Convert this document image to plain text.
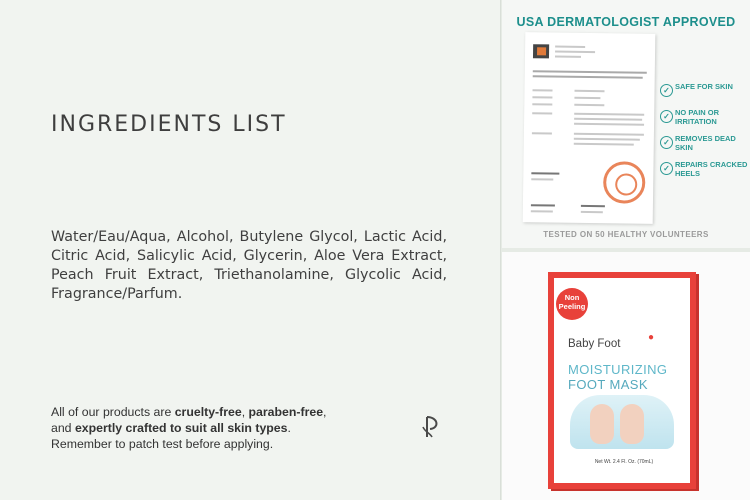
INGREDIENTS LIST
Water/Eau/Aqua, Alcohol, Butylene Glycol, Lactic Acid, Citric Acid, Salicylic Acid, Glycerin, Aloe Vera Extract, Peach Fruit Extract, Triethanolamine, Glycolic Acid, Fragrance/Parfum.
All of our products are cruelty-free, paraben-free,
and expertly crafted to suit all skin types.
Remember to patch test before applying.
USA DERMATOLOGIST APPROVED
✓ SAFE FOR SKIN
✓ NO PAIN OR IRRITATION
✓ REMOVES DEAD SKIN
✓ REPAIRS CRACKED HEELS
TESTED ON 50 HEALTHY VOLUNTEERS
Non Peeling
●
Baby Foot
MOISTURIZING
FOOT MASK
Net Wt. 2.4 Fl. Oz. (70mL)
